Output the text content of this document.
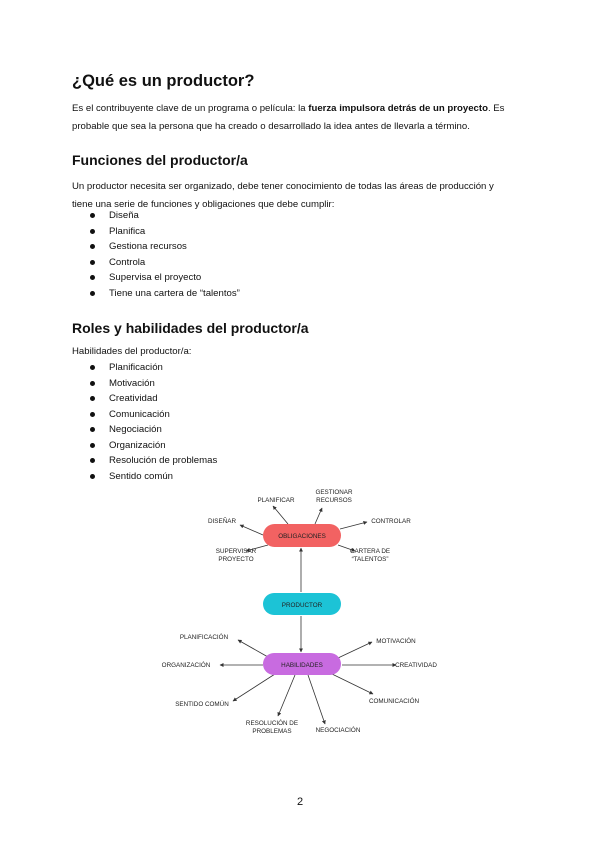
¿Qué es un productor?

Es el contribuyente clave de un programa o película: la fuerza impulsora detrás de un proyecto. Es
probable que sea la persona que ha creado o desarrollado la idea antes de llevarla a término.

Funciones del productor/a

Un productor necesita ser organizado, debe tener conocimiento de todas las áreas de producción y
tiene una serie de funciones y obligaciones que debe cumplir:

Diseña
Planifica
Gestiona recursos
Controla
Supervisa el proyecto
Tiene una cartera de “talentos”
Roles y habilidades del productor/a
Habilidades del productor/a:
Planificación
Motivación
Creatividad
Comunicación
Negociación
Organización
Resolución de problemas
Sentido común
OBLIGACIONES
PRODUCTOR
HABILIDADES
PLANIFICAR
GESTIONAR
RECURSOS
DISEÑAR	CONTROLAR
SUPERVISAR
PROYECTO
CARTERA DE
“TALENTOS”
PLANIFICACIÓN
MOTIVACIÓN
ORGANIZACIÓN	CREATIVIDAD
SENTIDO COMÚN	COMUNICACIÓN
RESOLUCIÓN DE
PROBLEMAS	NEGOCIACIÓN
2
